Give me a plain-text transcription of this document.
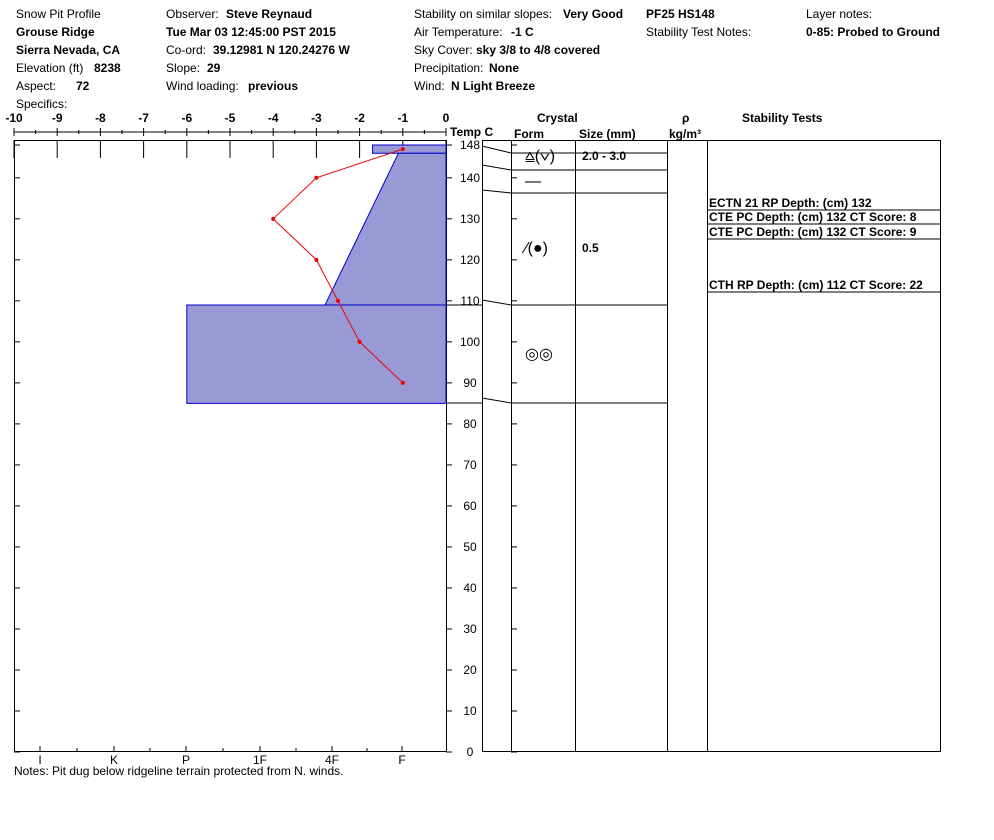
Snow Pit Profile
Grouse Ridge
Sierra Nevada, CA
Elevation (ft) 8238
Aspect: 72
Specifics:
Observer: Steve Reynaud
Tue Mar 03 12:45:00 PST 2015
Co-ord: 39.12981 N 120.24276 W
Slope: 29
Wind loading: previous
Stability on similar slopes: Very Good
Air Temperature: -1 C
Sky Cover: sky 3/8 to 4/8 covered
Precipitation: None
Wind: N Light Breeze
PF25 HS148
Stability Test Notes:
Layer notes:
0-85: Probed to Ground
Temp C
Crystal
Form	Size (mm)
ρ
kg/m³
Stability Tests
-10 -9	-8	-7	-6	-5	-4	-3	-2	-1	0
148
140
130
120
110
100
90
80
70
60
50
40
30
20
10
0
I	K	P	1F	4F	F
⩠(∨) 2.0 - 3.0
—
⁄(●)	0.5
◎◎
ECTN 21 RP Depth: (cm) 132
CTE PC Depth: (cm) 132 CT Score: 8
CTE PC Depth: (cm) 132 CT Score: 9
CTH RP Depth: (cm) 112 CT Score: 22
Notes: Pit dug below ridgeline terrain protected from N. winds.
